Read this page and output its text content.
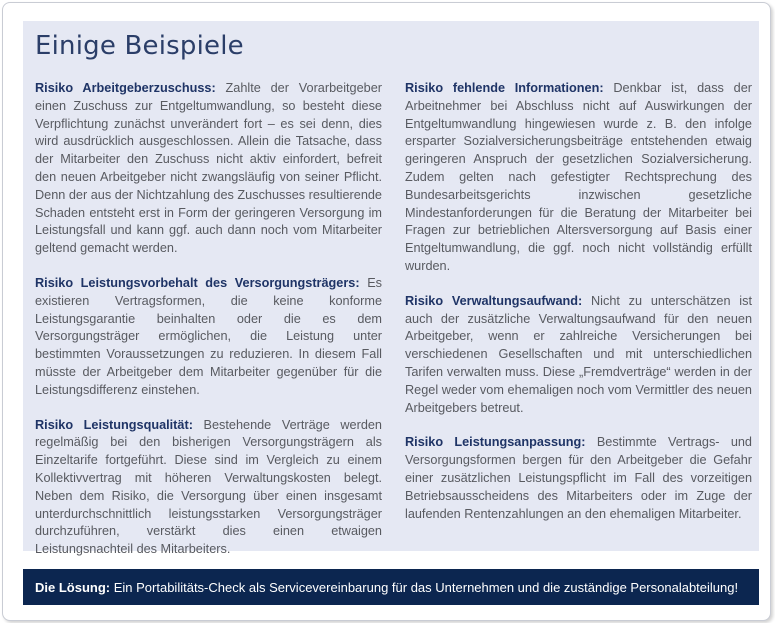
Einige Beispiele

Risiko Arbeitgeberzuschuss: Zahlte der Vorarbeitgeber einen Zuschuss zur Entgeltumwandlung, so besteht diese Verpflichtung zunächst unverändert fort – es sei denn, dies wird ausdrücklich ausgeschlossen. Allein die Tatsache, dass der Mitarbeiter den Zuschuss nicht aktiv einfordert, befreit den neuen Arbeitgeber nicht zwangsläufig von seiner Pflicht. Denn der aus der Nichtzahlung des Zuschusses resultierende Schaden entsteht erst in Form der geringeren Versorgung im Leistungsfall und kann ggf. auch dann noch vom Mitarbeiter geltend gemacht werden.

Risiko Leistungsvorbehalt des Versorgungsträgers: Es existieren Vertragsformen, die keine konforme Leistungsgarantie beinhalten oder die es dem Versorgungsträger ermöglichen, die Leistung unter bestimmten Voraussetzungen zu reduzieren. In diesem Fall müsste der Arbeitgeber dem Mitarbeiter gegenüber für die Leistungsdifferenz einstehen.

Risiko Leistungsqualität: Bestehende Verträge werden regelmäßig bei den bisherigen Versorgungsträgern als Einzeltarife fortgeführt. Diese sind im Vergleich zu einem Kollektivvertrag mit höheren Verwaltungskosten belegt. Neben dem Risiko, die Versorgung über einen insgesamt unterdurchschnittlich leistungsstarken Versorgungsträger durchzuführen, verstärkt dies einen etwaigen Leistungsnachteil des Mitarbeiters.

Risiko fehlende Informationen: Denkbar ist, dass der Arbeitnehmer bei Abschluss nicht auf Auswirkungen der Entgeltumwandlung hingewiesen wurde z. B. den infolge ersparter Sozialversicherungsbeiträge entstehenden etwaig geringeren Anspruch der gesetzlichen Sozialversicherung. Zudem gelten nach gefestigter Rechtsprechung des Bundesarbeitsgerichts inzwischen gesetzliche Mindestanforderungen für die Beratung der Mitarbeiter bei Fragen zur betrieblichen Altersversorgung auf Basis einer Entgeltumwandlung, die ggf. noch nicht vollständig erfüllt wurden.

Risiko Verwaltungsaufwand: Nicht zu unterschätzen ist auch der zusätzliche Verwaltungsaufwand für den neuen Arbeitgeber, wenn er zahlreiche Versicherungen bei verschiedenen Gesellschaften und mit unterschiedlichen Tarifen verwalten muss. Diese „Fremdverträge“ werden in der Regel weder vom ehemaligen noch vom Vermittler des neuen Arbeitgebers betreut.

Risiko Leistungsanpassung: Bestimmte Vertrags- und Versorgungsformen bergen für den Arbeitgeber die Gefahr einer zusätzlichen Leistungspflicht im Fall des vorzeitigen Betriebsausscheidens des Mitarbeiters oder im Zuge der laufenden Rentenzahlungen an den ehemaligen Mitarbeiter.

Die Lösung:
Ein Portabilitäts-Check als Servicevereinbarung für das Unternehmen und die zuständige Personalabteilung!
